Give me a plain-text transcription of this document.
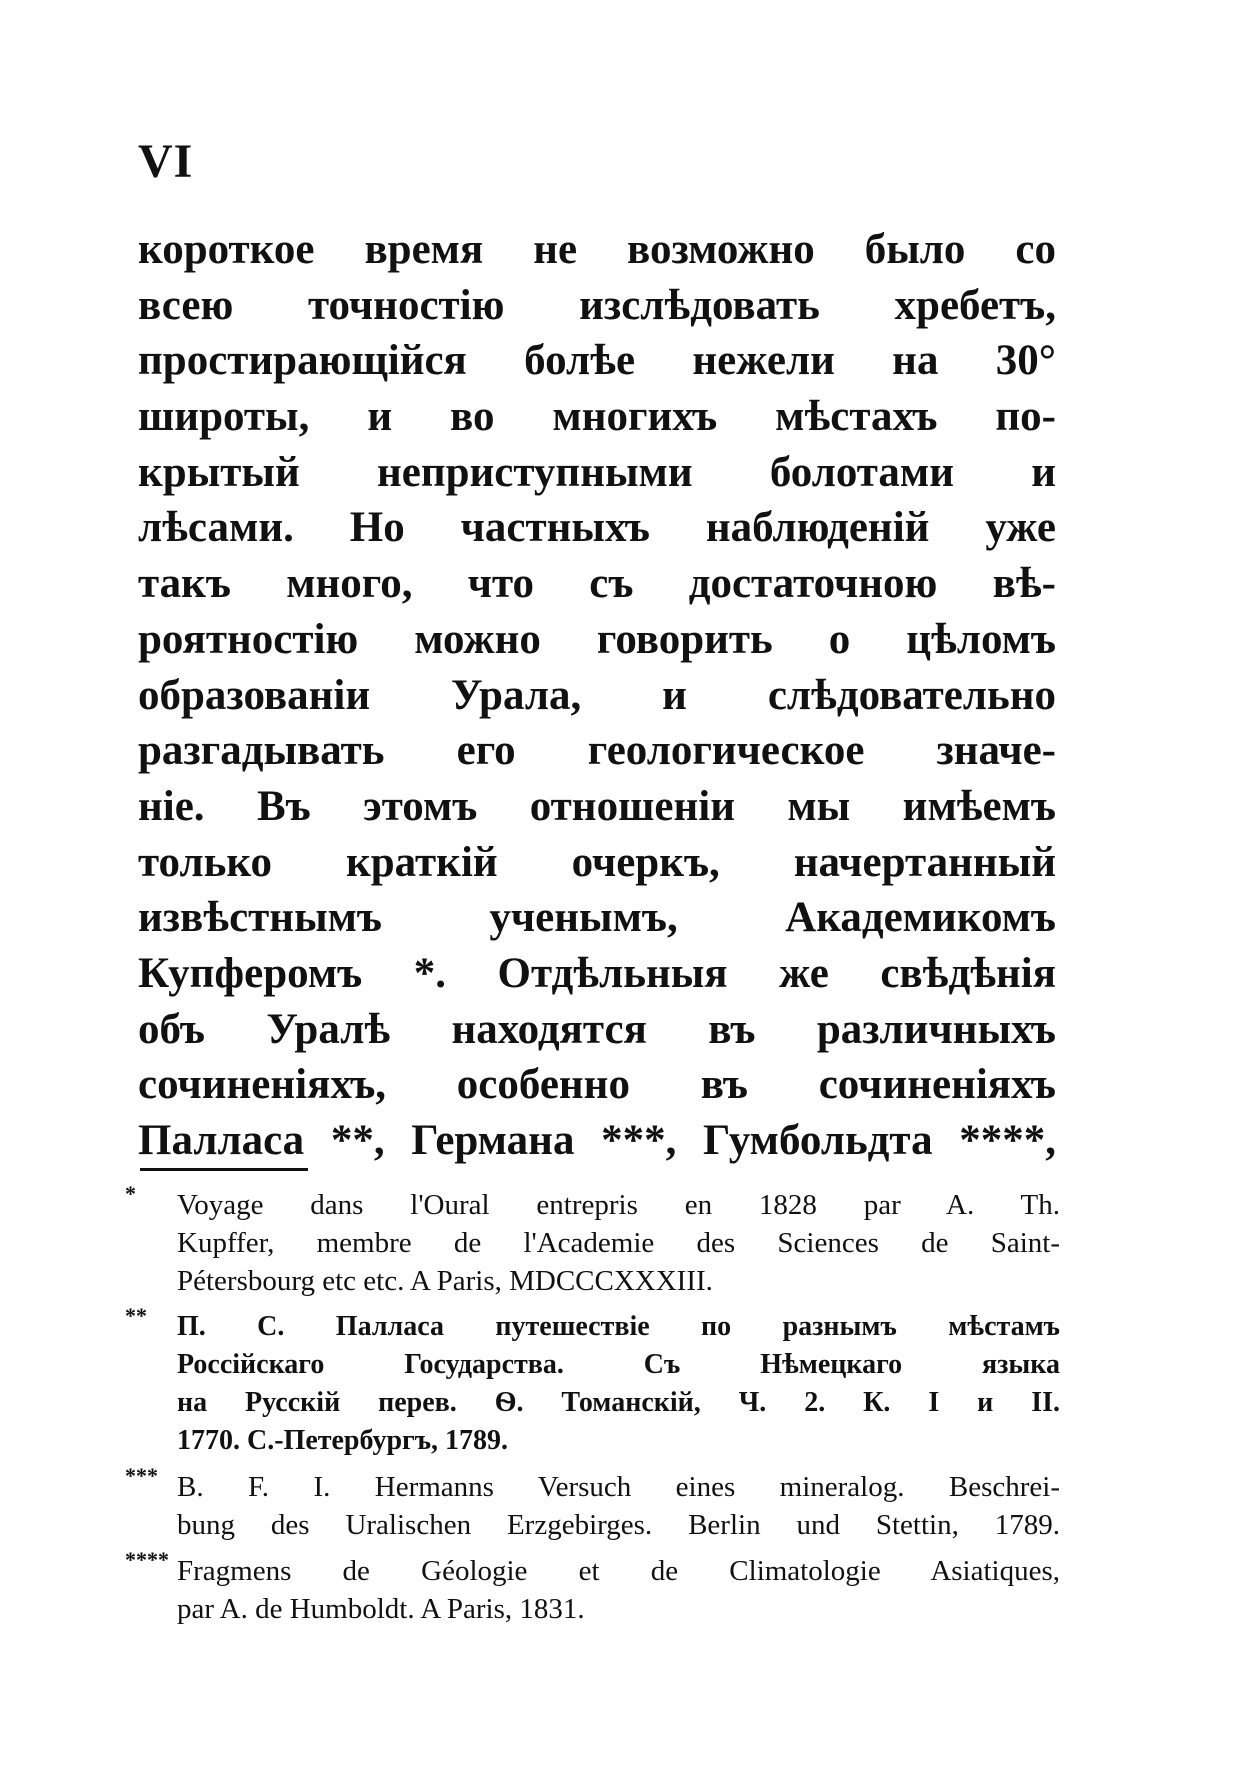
VI
короткое время не возможно было со
всею точностію изслѣдовать хребетъ,
простирающійся болѣе нежели на 30°
широты, и во многихъ мѣстахъ по-
крытый неприступными болотами и
лѣсами. Но частныхъ наблюденій уже
такъ много, что съ достаточною вѣ-
роятностію можно говорить о цѣломъ
образованіи Урала, и слѣдовательно
разгадывать его геологическое значе-
ніе. Въ этомъ отношеніи мы имѣемъ
только краткій очеркъ, начертанный
извѣстнымъ ученымъ, Академикомъ
Купферомъ *. Отдѣльныя же свѣдѣнія
объ Уралѣ находятся въ различныхъ
сочиненіяхъ, особенно въ сочиненіяхъ
Палласа **, Германа ***, Гумбольдта ****,
*	Voyage dans l'Oural entrepris en 1828 par A. Th.
Kupffer, membre de l'Academie des Sciences de Saint-
Pétersbourg etc etc. A Paris, MDCCCXXXIII.
**	П. С. Палласа путешествіе по разнымъ мѣстамъ
Россійскаго Государства. Съ Нѣмецкаго языка
на Русскій перев. Ѳ. Томанскій, Ч. 2. К. I и II.
1770. С.-Петербургъ, 1789.
*** B. F. I. Hermanns Versuch eines mineralog. Beschrei-
bung des Uralischen Erzgebirges. Berlin und Stettin, 1789.
**** Fragmens de Géologie et de Climatologie Asiatiques,
par A. de Humboldt. A Paris, 1831.
